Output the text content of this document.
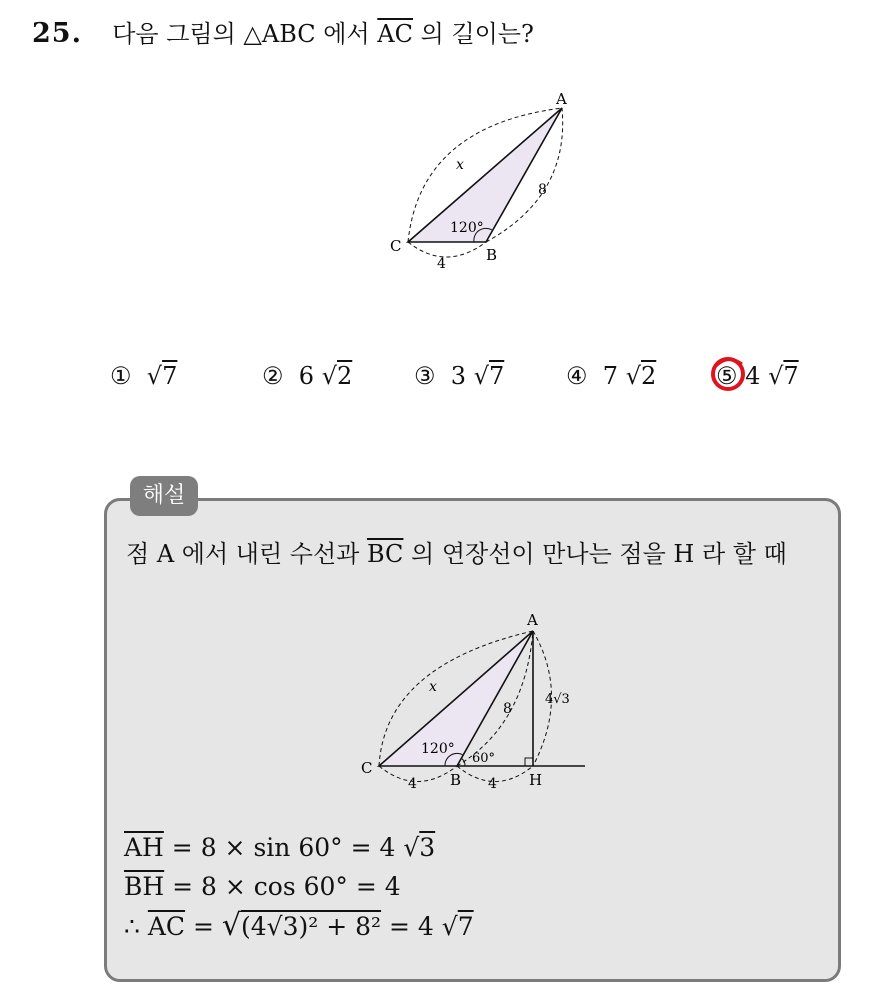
25. 다음 그림의 △ABC 에서 $\overline{AC}$ 의 길이는?
A
C	B
x
8
4
120°
①
√ 7	②
6
√ 2	③
3
√ 7	④
7
√ 2 ⑤
4
√ 7
해설
점 A 에서 내린 수선과 $\overline{BC}$ 의 연장선이 만나는 점을 H 라 할 때
A
C
B	H
x
8
4√3
4	4
120°
60°
$\overline{AH} = 8 \times \sin 60^\circ = 4$ √3
$\overline{BH} = 8 \times \cos 60^\circ = 4$
∴ $\overline{AC} = √(4√3)^2 + 8^2 = 4$ √7
